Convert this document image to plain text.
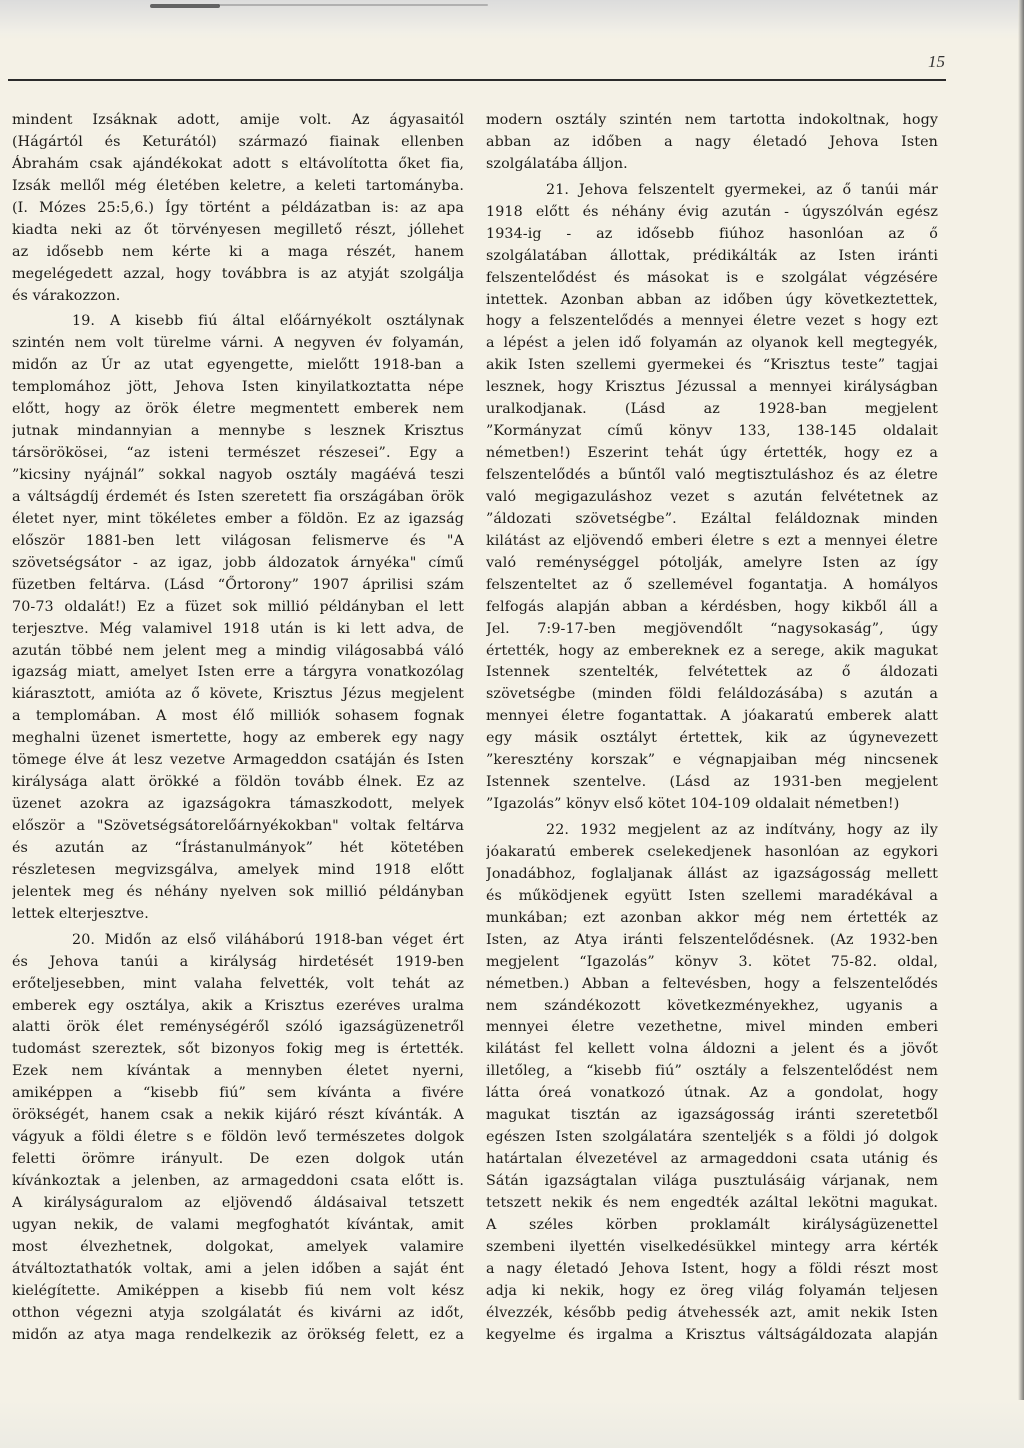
15
mindent Izsáknak adott, amije volt. Az ágyasaitól
(Hágártól és Keturától) származó fiainak ellenben
Ábrahám csak ajándékokat adott s eltávolította őket fia,
Izsák mellől még életében keletre, a keleti tartományba.
(I. Mózes 25:5,6.) Így történt a példázatban is: az apa
kiadta neki az őt törvényesen megillető részt, jóllehet
az idősebb nem kérte ki a maga részét, hanem
megelégedett azzal, hogy továbbra is az atyját szolgálja
és várakozzon.
19. A kisebb fiú által előárnyékolt osztálynak
szintén nem volt türelme várni. A negyven év folyamán,
midőn az Úr az utat egyengette, mielőtt 1918-ban a
templomához jött, Jehova Isten kinyilatkoztatta népe
előtt, hogy az örök életre megmentett emberek nem
jutnak mindannyian a mennybe s lesznek Krisztus
társörökösei, “az isteni természet részesei”. Egy a
”kicsiny nyájnál” sokkal nagyob osztály magáévá teszi
a váltságdíj érdemét és Isten szeretett fia országában örök
életet nyer, mint tökéletes ember a földön. Ez az igazság
először 1881-ben lett világosan felismerve és "A
szövetségsátor - az igaz, jobb áldozatok árnyéka" című
füzetben feltárva. (Lásd “Őrtorony” 1907 áprilisi szám
70-73 oldalát!) Ez a füzet sok millió példányban el lett
terjesztve. Még valamivel 1918 után is ki lett adva, de
azután többé nem jelent meg a mindig világosabbá váló
igazság miatt, amelyet Isten erre a tárgyra vonatkozólag
kiárasztott, amióta az ő követe, Krisztus Jézus megjelent
a templomában. A most élő milliók sohasem fognak
meghalni üzenet ismertette, hogy az emberek egy nagy
tömege élve át lesz vezetve Armageddon csatáján és Isten
királysága alatt örökké a földön tovább élnek. Ez az
üzenet azokra az igazságokra támaszkodott, melyek
először a "Szövetségsátorelőárnyékokban" voltak feltárva
és azután az “Írástanulmányok” hét kötetében
részletesen megvizsgálva, amelyek mind 1918 előtt
jelentek meg és néhány nyelven sok millió példányban
lettek elterjesztve.
20. Midőn az első viláháború 1918-ban véget ért
és Jehova tanúi a királyság hirdetését 1919-ben
erőteljesebben, mint valaha felvették, volt tehát az
emberek egy osztálya, akik a Krisztus ezeréves uralma
alatti örök élet reménységéről szóló igazságüzenetről
tudomást szereztek, sőt bizonyos fokig meg is értették.
Ezek nem kívántak a mennyben életet nyerni,
amiképpen a “kisebb fiú” sem kívánta a fivére
örökségét, hanem csak a nekik kijáró részt kívánták. A
vágyuk a földi életre s e földön levő természetes dolgok
feletti örömre irányult. De ezen dolgok után
kívánkoztak a jelenben, az armageddoni csata előtt is.
A királyságuralom az eljövendő áldásaival tetszett
ugyan nekik, de valami megfoghatót kívántak, amit
most élvezhetnek, dolgokat, amelyek valamire
átváltoztathatók voltak, ami a jelen időben a saját ént
kielégítette. Amiképpen a kisebb fiú nem volt kész
otthon végezni atyja szolgálatát és kivárni az időt,
midőn az atya maga rendelkezik az örökség felett, ez a
modern osztály szintén nem tartotta indokoltnak, hogy
abban az időben a nagy életadó Jehova Isten
szolgálatába álljon.
21. Jehova felszentelt gyermekei, az ő tanúi már
1918 előtt és néhány évig azután - úgyszólván egész
1934-ig - az idősebb fiúhoz hasonlóan az ő
szolgálatában állottak, prédikálták az Isten iránti
felszentelődést és másokat is e szolgálat végzésére
intettek. Azonban abban az időben úgy következtettek,
hogy a felszentelődés a mennyei életre vezet s hogy ezt
a lépést a jelen idő folyamán az olyanok kell megtegyék,
akik Isten szellemi gyermekei és “Krisztus teste” tagjai
lesznek, hogy Krisztus Jézussal a mennyei királyságban
uralkodjanak. (Lásd az 1928-ban megjelent
”Kormányzat című könyv 133, 138-145 oldalait
németben!) Eszerint tehát úgy értették, hogy ez a
felszentelődés a bűntől való megtisztuláshoz és az életre
való megigazuláshoz vezet s azután felvétetnek az
”áldozati szövetségbe”. Ezáltal feláldoznak minden
kilátást az eljövendő emberi életre s ezt a mennyei életre
való reménységgel pótolják, amelyre Isten az így
felszenteltet az ő szellemével fogantatja. A homályos
felfogás alapján abban a kérdésben, hogy kikből áll a
Jel. 7:9-17-ben megjövendőlt “nagysokaság”, úgy
értették, hogy az embereknek ez a serege, akik magukat
Istennek szentelték, felvétettek az ő áldozati
szövetségbe (minden földi feláldozásába) s azután a
mennyei életre fogantattak. A jóakaratú emberek alatt
egy másik osztályt értettek, kik az úgynevezett
”keresztény korszak” e végnapjaiban még nincsenek
Istennek szentelve. (Lásd az 1931-ben megjelent
”Igazolás” könyv első kötet 104-109 oldalait németben!)
22. 1932 megjelent az az indítvány, hogy az ily
jóakaratú emberek cselekedjenek hasonlóan az egykori
Jonadábhoz, foglaljanak állást az igazságosság mellett
és működjenek együtt Isten szellemi maradékával a
munkában; ezt azonban akkor még nem értették az
Isten, az Atya iránti felszentelődésnek. (Az 1932-ben
megjelent “Igazolás” könyv 3. kötet 75-82. oldal,
németben.) Abban a feltevésben, hogy a felszentelődés
nem szándékozott következményekhez, ugyanis a
mennyei életre vezethetne, mivel minden emberi
kilátást fel kellett volna áldozni a jelent és a jövőt
illetőleg, a “kisebb fiú” osztály a felszentelődést nem
látta óreá vonatkozó útnak. Az a gondolat, hogy
magukat tisztán az igazságosság iránti szeretetből
egészen Isten szolgálatára szenteljék s a földi jó dolgok
határtalan élvezetével az armageddoni csata utánig és
Sátán igazságtalan világa pusztulásáig várjanak, nem
tetszett nekik és nem engedték azáltal lekötni magukat.
A széles körben proklamált királyságüzenettel
szembeni ilyettén viselkedésükkel mintegy arra kérték
a nagy életadó Jehova Istent, hogy a földi részt most
adja ki nekik, hogy ez öreg világ folyamán teljesen
élvezzék, később pedig átvehessék azt, amit nekik Isten
kegyelme és irgalma a Krisztus váltságáldozata alapján
